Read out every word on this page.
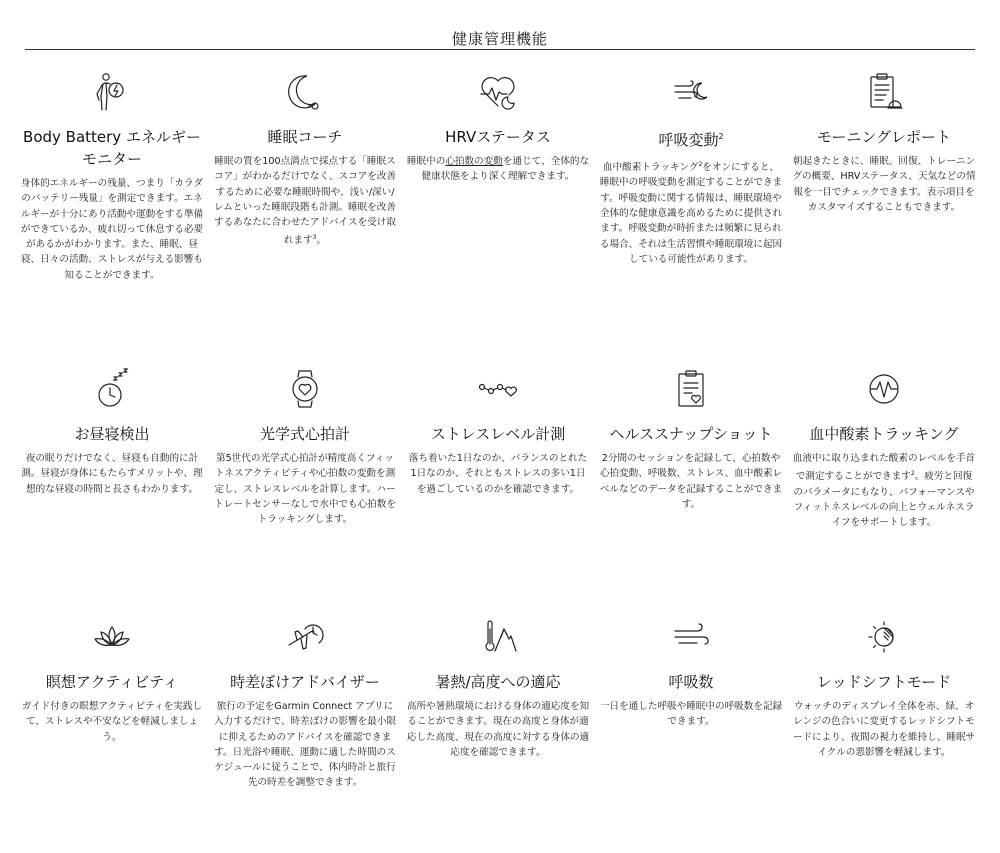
健康管理機能
Body Battery エネルギーモニター
身体的エネルギーの残量、つまり「カラダのバッテリー残量」を測定できます。エネルギーが十分にあり活動や運動をする準備ができているか、疲れ切って休息する必要があるかがわかります。また、睡眠、昼寝、日々の活動、ストレスが与える影響も知ることができます。
睡眠コーチ
睡眠の質を100点満点で採点する「睡眠スコア」がわかるだけでなく、スコアを改善するために必要な睡眠時間や、浅い/深い/レムといった睡眠段階も計測。睡眠を改善するあなたに合わせたアドバイスを受け取れます$^3$。
HRVステータス
睡眠中の心拍数の変動を通じて、全体的な健康状態をより深く理解できます。
呼吸変動$^2$
血中酸素トラッキング$^2$をオンにすると、睡眠中の呼吸変動を測定することができます。呼吸変動に関する情報は、睡眠環境や全体的な健康意識を高めるために提供されます。呼吸変動が時折または頻繁に見られる場合、それは生活習慣や睡眠環境に起因している可能性があります。
モーニングレポート
朝起きたときに、睡眠、回復、トレーニングの概要、HRVステータス、天気などの情報を一目でチェックできます。表示項目をカスタマイズすることもできます。
お昼寝検出
夜の眠りだけでなく、昼寝も自動的に計測。昼寝が身体にもたらすメリットや、理想的な昼寝の時間と長さもわかります。
光学式心拍計
第5世代の光学式心拍計が精度高くフィットネスアクティビティや心拍数の変動を測定し、ストレスレベルを計算します。ハートレートセンサーなしで水中でも心拍数をトラッキングします。
ストレスレベル計測
落ち着いた1日なのか、バランスのとれた1日なのか、それともストレスの多い1日を過ごしているのかを確認できます。
ヘルススナップショット
2分間のセッションを記録して、心拍数や心拍変動、呼吸数、ストレス、血中酸素レベルなどのデータを記録することができます。
血中酸素トラッキング
血液中に取り込まれた酸素のレベルを手首で測定することができます$^2$。疲労と回復のパラメータにもなり、パフォーマンスやフィットネスレベルの向上とウェルネスライフをサポートします。
瞑想アクティビティ
ガイド付きの瞑想アクティビティを実践して、ストレスや不安などを軽減しましょう。
時差ぼけアドバイザー
旅行の予定をGarmin Connect アプリに入力するだけで、時差ぼけの影響を最小限に抑えるためのアドバイスを確認できます。日光浴や睡眠、運動に適した時間のスケジュールに従うことで、体内時計と旅行先の時差を調整できます。
暑熱/高度への適応
高所や暑熱環境における身体の適応度を知ることができます。現在の高度と身体が適応した高度、現在の高度に対する身体の適応度を確認できます。
呼吸数
一日を通した呼吸や睡眠中の呼吸数を記録できます。
レッドシフトモード
ウォッチのディスプレイ全体を赤、緑、オレンジの色合いに変更するレッドシフトモードにより、夜間の視力を維持し、睡眠サイクルの悪影響を軽減します。
